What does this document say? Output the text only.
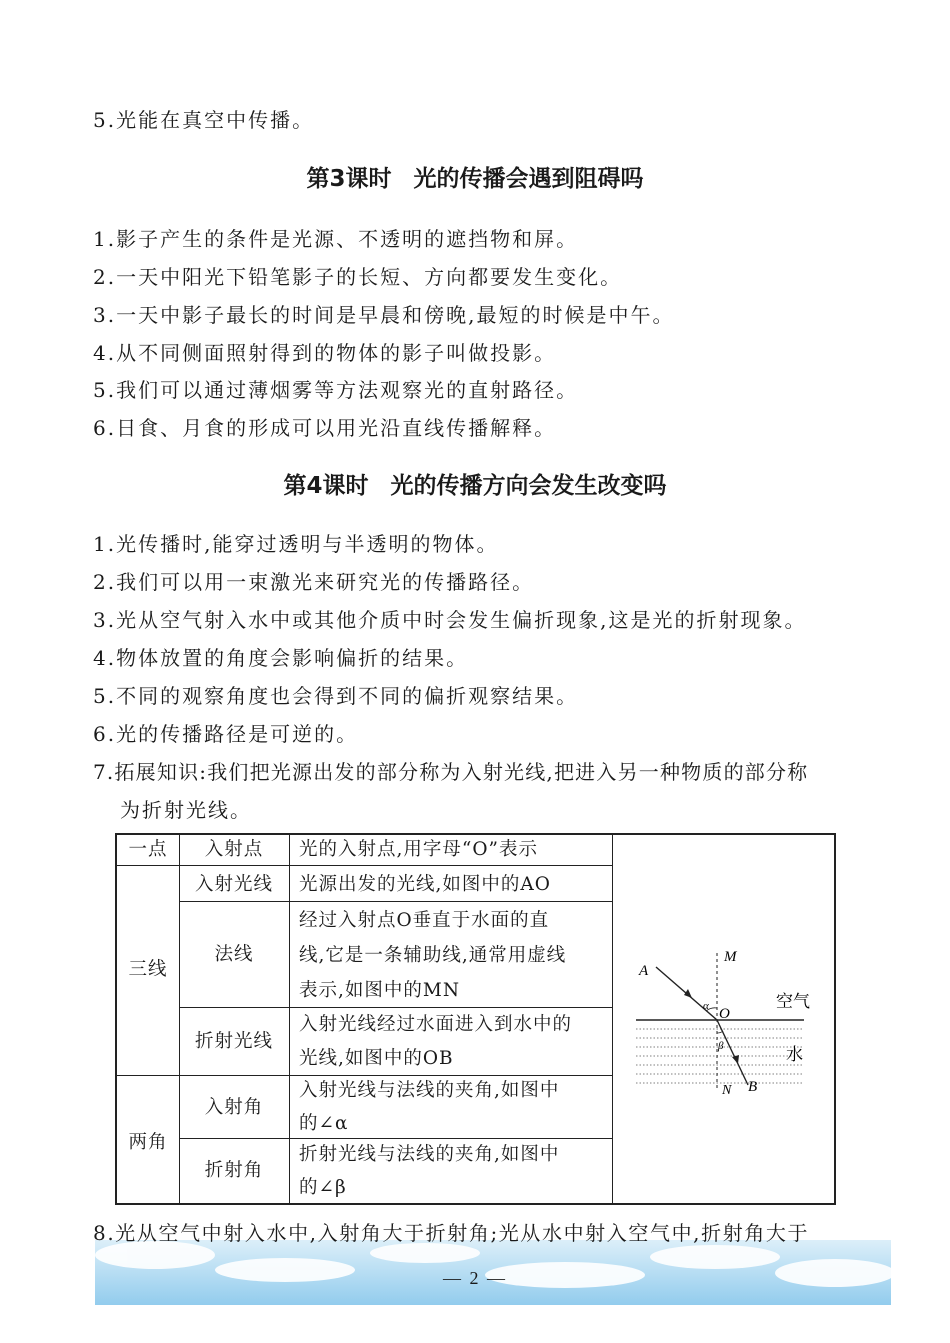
5.光能在真空中传播。
第3课时 光的传播会遇到阻碍吗
1.影子产生的条件是光源、不透明的遮挡物和屏。
2.一天中阳光下铅笔影子的长短、方向都要发生变化。
3.一天中影子最长的时间是早晨和傍晚,最短的时候是中午。
4.从不同侧面照射得到的物体的影子叫做投影。
5.我们可以通过薄烟雾等方法观察光的直射路径。
6.日食、月食的形成可以用光沿直线传播解释。
第4课时 光的传播方向会发生改变吗
1.光传播时,能穿过透明与半透明的物体。
2.我们可以用一束激光来研究光的传播路径。
3.光从空气射入水中或其他介质中时会发生偏折现象,这是光的折射现象。
4.物体放置的角度会影响偏折的结果。
5.不同的观察角度也会得到不同的偏折观察结果。
6.光的传播路径是可逆的。
7.拓展知识:我们把光源出发的部分称为入射光线,把进入另一种物质的部分称
为折射光线。
一点
三线
两角
入射点
入射光线
法线
折射光线
入射角
折射角
光的入射点,用字母“O”表示
光源出发的光线,如图中的AO
经过入射点O垂直于水面的直
线,它是一条辅助线,通常用虚线
表示,如图中的MN
入射光线经过水面进入到水中的
光线,如图中的OB
入射光线与法线的夹角,如图中
的∠α
折射光线与法线的夹角,如图中
的∠β
A
M
O
α
β
N B
空气
水
8.光从空气中射入水中,入射角大于折射角;光从水中射入空气中,折射角大于
— 2 —
